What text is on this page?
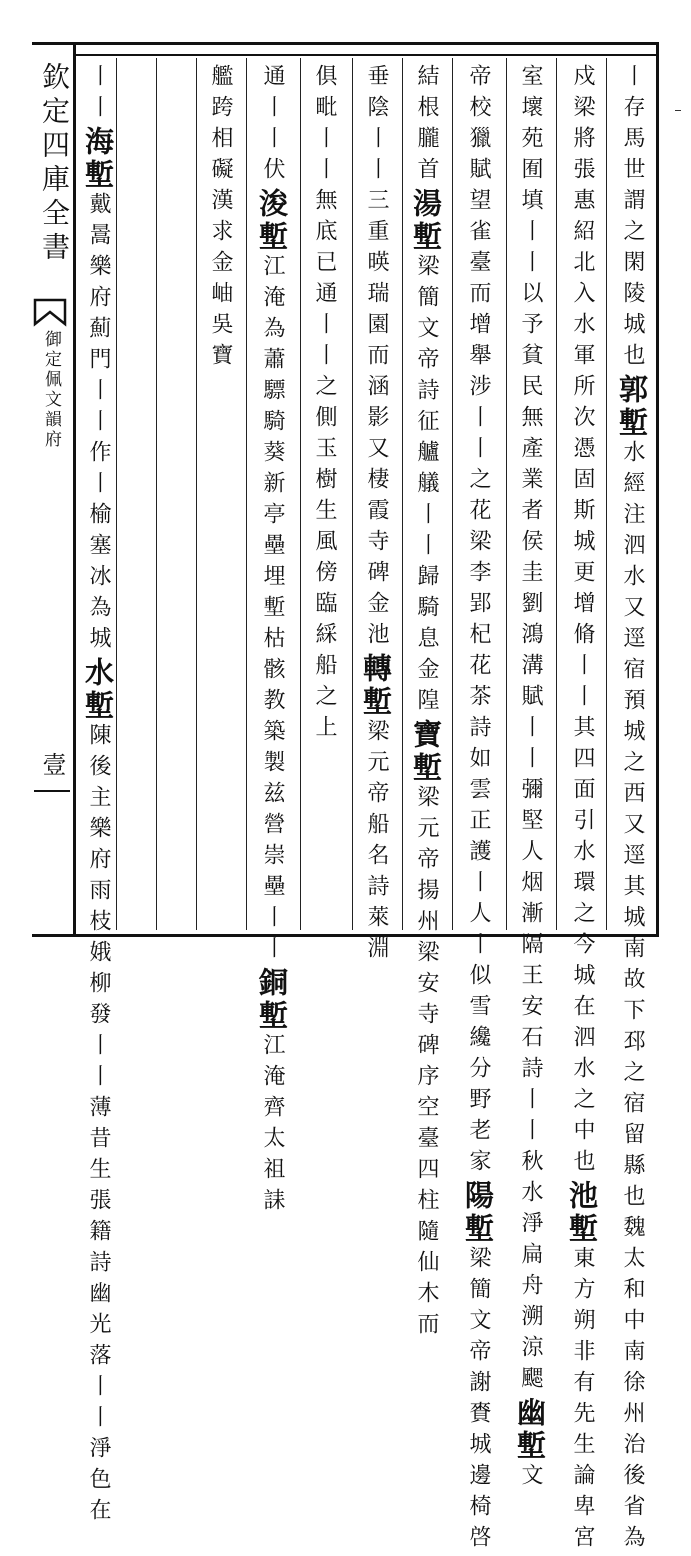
欽定四庫全書
御定佩文韻府
壹
丨存馬世謂之閑陵城也郭塹水經注泗水又逕宿預城之西又逕其城南故下邳之宿留縣也魏太和中南徐州治後省為
戍梁將張惠紹北入水軍所次憑固斯城更增脩丨丨其四面引水環之今城在泗水之中也池塹東方朔非有先生論卑宮
室壞苑囿填丨丨以予貧民無產業者侯圭劉鴻溝賦丨丨彌堅人烟漸隔王安石詩丨丨秋水淨扁舟溯涼颸幽塹文
帝校獵賦望雀臺而增舉涉丨丨之花梁李郢杞花茶詩如雲正護丨人丨似雪纔分野老家陽塹梁簡文帝謝賚城邊椅啓
結根朧首湯塹梁簡文帝詩征艫艤丨丨歸騎息金隍寶塹梁元帝揚州梁安寺碑序空臺四柱隨仙木而
垂陰丨丨三重暎瑞園而涵影又棲霞寺碑金池轉塹梁元帝船名詩萊淵
俱毗丨丨無底已通丨丨之側玉樹生風傍臨綵船之上
通丨丨伏浚塹江淹為蕭驃騎葵新亭壘埋塹枯骸教築製兹營崇壘丨丨銅塹江淹齊太祖誄
艦跨相礙漢求金岫吳寶
丨丨海塹戴暠樂府薊門丨丨作丨榆塞冰為城水塹陳後主樂府雨枝娥柳發丨丨薄昔生張籍詩幽光落丨丨淨色在
